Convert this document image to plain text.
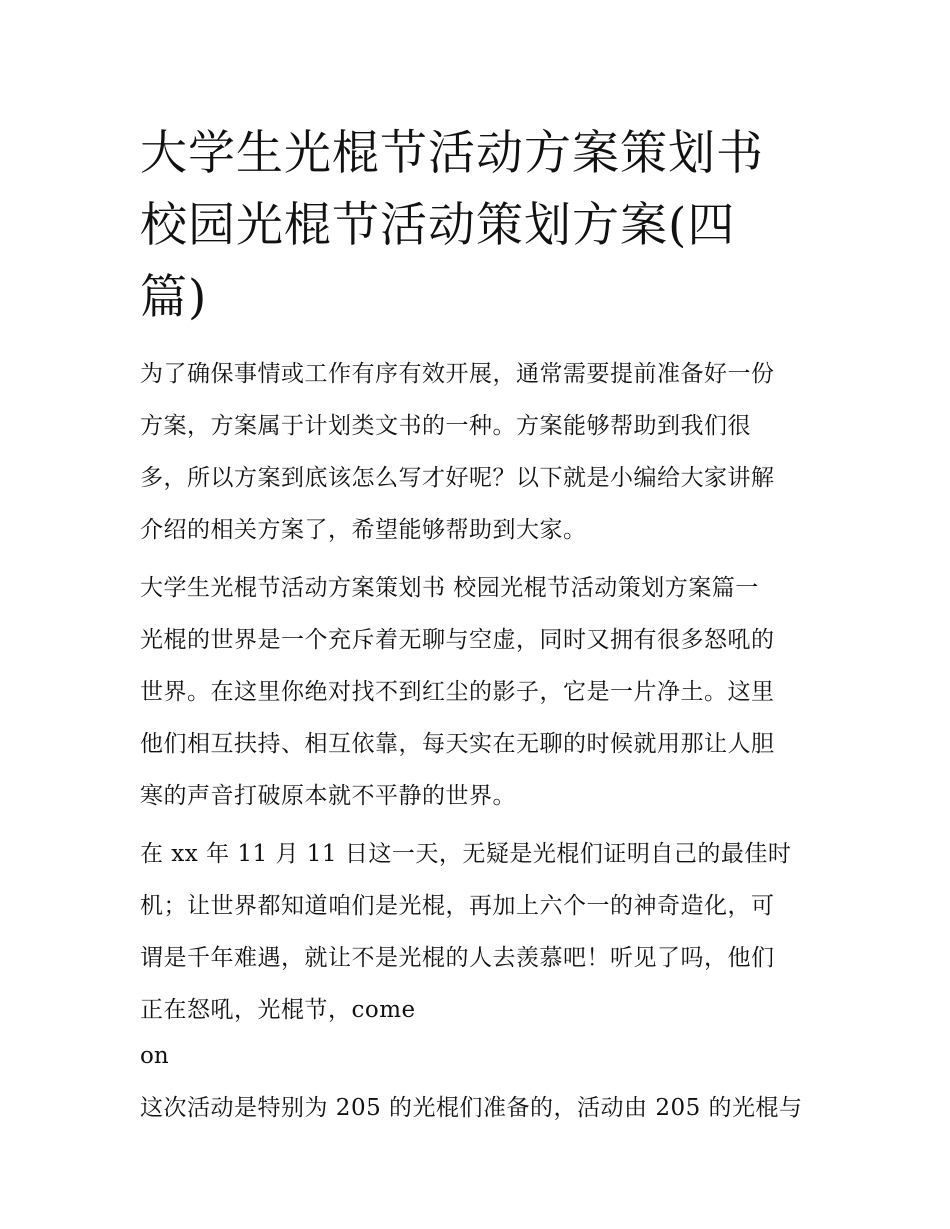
大学生光棍节活动方案策划书
校园光棍节活动策划方案(四
篇)

为了确保事情或工作有序有效开展，通常需要提前准备好一份
方案，方案属于计划类文书的一种。方案能够帮助到我们很
多，所以方案到底该怎么写才好呢？以下就是小编给大家讲解
介绍的相关方案了，希望能够帮助到大家。

大学生光棍节活动方案策划书 校园光棍节活动策划方案篇一

光棍的世界是一个充斥着无聊与空虚，同时又拥有很多怒吼的
世界。在这里你绝对找不到红尘的影子，它是一片净土。这里
他们相互扶持、相互依靠，每天实在无聊的时候就用那让人胆
寒的声音打破原本就不平静的世界。

在 xx 年 11 月 11 日这一天，无疑是光棍们证明自己的最佳时
机；让世界都知道咱们是光棍，再加上六个一的神奇造化，可
谓是千年难遇，就让不是光棍的人去羡慕吧！听见了吗，他们
正在怒吼，光棍节，come

on

这次活动是特别为 205 的光棍们准备的，活动由 205 的光棍与
